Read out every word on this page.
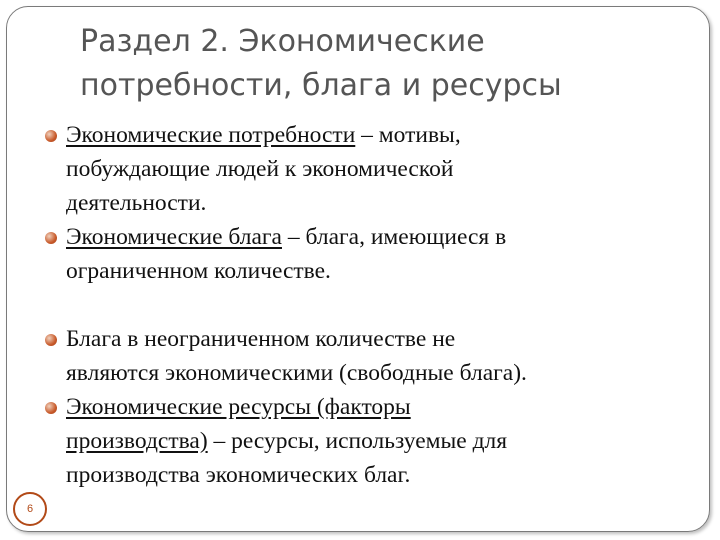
Раздел 2. Экономические
потребности, блага и ресурсы
Экономические потребности – мотивы,
побуждающие людей к экономической
деятельности.
Экономические блага – блага, имеющиеся в
ограниченном количестве.
Блага в неограниченном количестве не
являются экономическими (свободные блага).
Экономические ресурсы (факторы
производства) – ресурсы, используемые для
производства экономических благ.
6
